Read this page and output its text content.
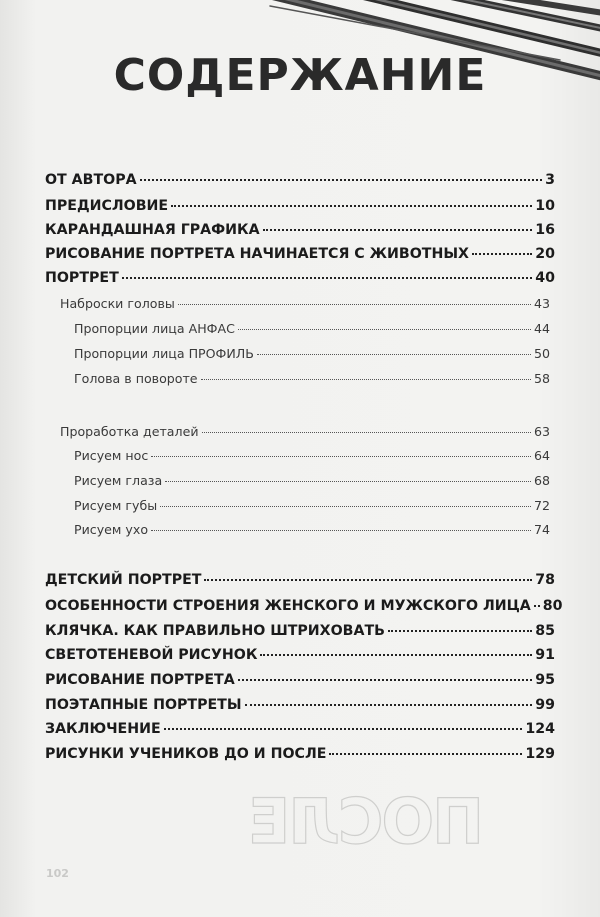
СОДЕРЖАНИЕ
ОТ АВТОРА	3
ПРЕДИСЛОВИЕ	10
КАРАНДАШНАЯ ГРАФИКА	16
РИСОВАНИЕ ПОРТРЕТА НАЧИНАЕТСЯ С ЖИВОТНЫХ	20
ПОРТРЕТ	40
Наброски головы	43
Пропорции лица АНФАС	44
Пропорции лица ПРОФИЛЬ	50
Голова в повороте	58
Проработка деталей	63
Рисуем нос	64
Рисуем глаза	68
Рисуем губы	72
Рисуем ухо	74
ДЕТСКИЙ ПОРТРЕТ	78
ОСОБЕННОСТИ СТРОЕНИЯ ЖЕНСКОГО И МУЖСКОГО ЛИЦА 80
КЛЯЧКА. КАК ПРАВИЛЬНО ШТРИХОВАТЬ	85
СВЕТОТЕНЕВОЙ РИСУНОК	91
РИСОВАНИЕ ПОРТРЕТА	95
ПОЭТАПНЫЕ ПОРТРЕТЫ	99
ЗАКЛЮЧЕНИЕ	124
РИСУНКИ УЧЕНИКОВ ДО И ПОСЛЕ	129
ПОСЛЕ
102
